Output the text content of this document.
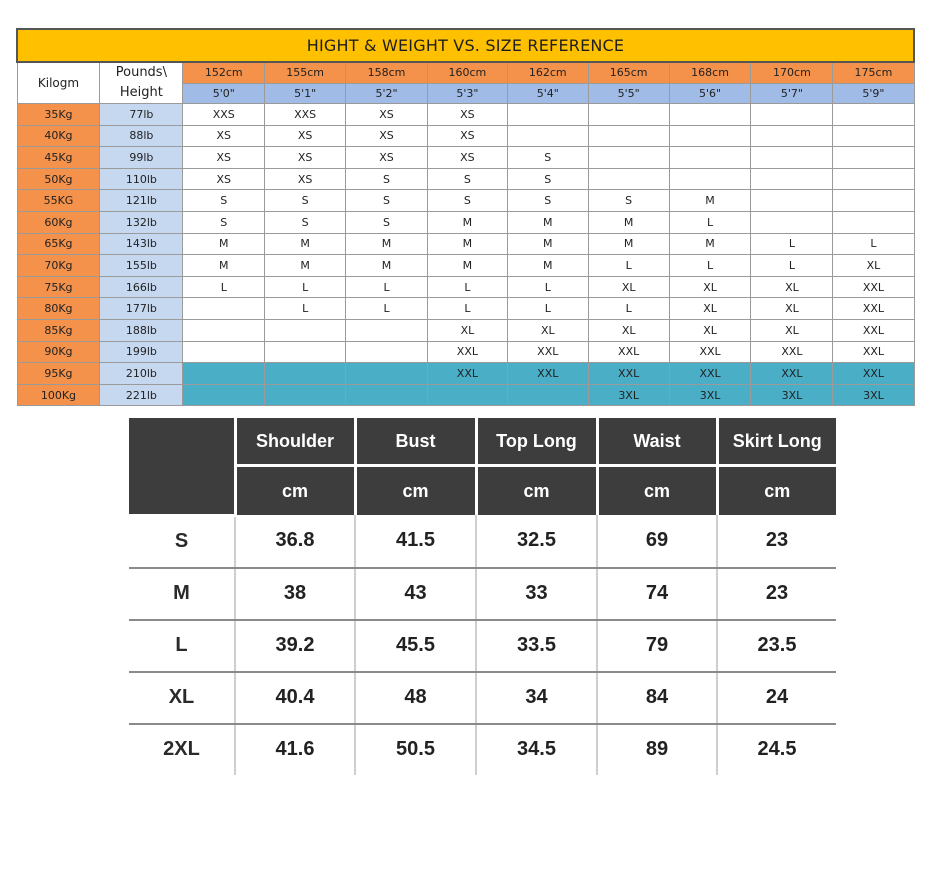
HIGHT & WEIGHT VS. SIZE REFERENCE										
Kilogm	Pounds\
Height	152cm	155cm	158cm	160cm	162cm	165cm	168cm	170cm	175cm
		5'0"	5'1"	5'2"	5'3"	5'4"	5'5"	5'6"	5'7"	5'9"
35Kg	77lb	XXS	XXS	XS	XS					
40Kg	88lb	XS	XS	XS	XS					
45Kg	99lb	XS	XS	XS	XS	S				
50Kg	110lb	XS	XS	S	S	S				
55KG	121lb	S	S	S	S	S	S	M		
60Kg	132lb	S	S	S	M	M	M	L		
65Kg	143lb	M	M	M	M	M	M	M	L	L
70Kg	155lb	M	M	M	M	M	L	L	L	XL
75Kg	166lb	L	L	L	L	L	XL	XL	XL	XXL
80Kg	177lb		L	L	L	L	L	XL	XL	XXL
85Kg	188lb				XL	XL	XL	XL	XL	XXL
90Kg	199lb				XXL	XXL	XXL	XXL	XXL	XXL
95Kg	210lb				XXL	XXL	XXL	XXL	XXL	XXL
100Kg	221lb						3XL	3XL	3XL	3XL
	Shoulder	Bust	Top Long	Waist	Skirt Long
	cm	cm	cm	cm	cm
S	36.8	41.5	32.5	69	23
M	38	43	33	74	23
L	39.2	45.5	33.5	79	23.5
XL	40.4	48	34	84	24
2XL	41.6	50.5	34.5	89	24.5
